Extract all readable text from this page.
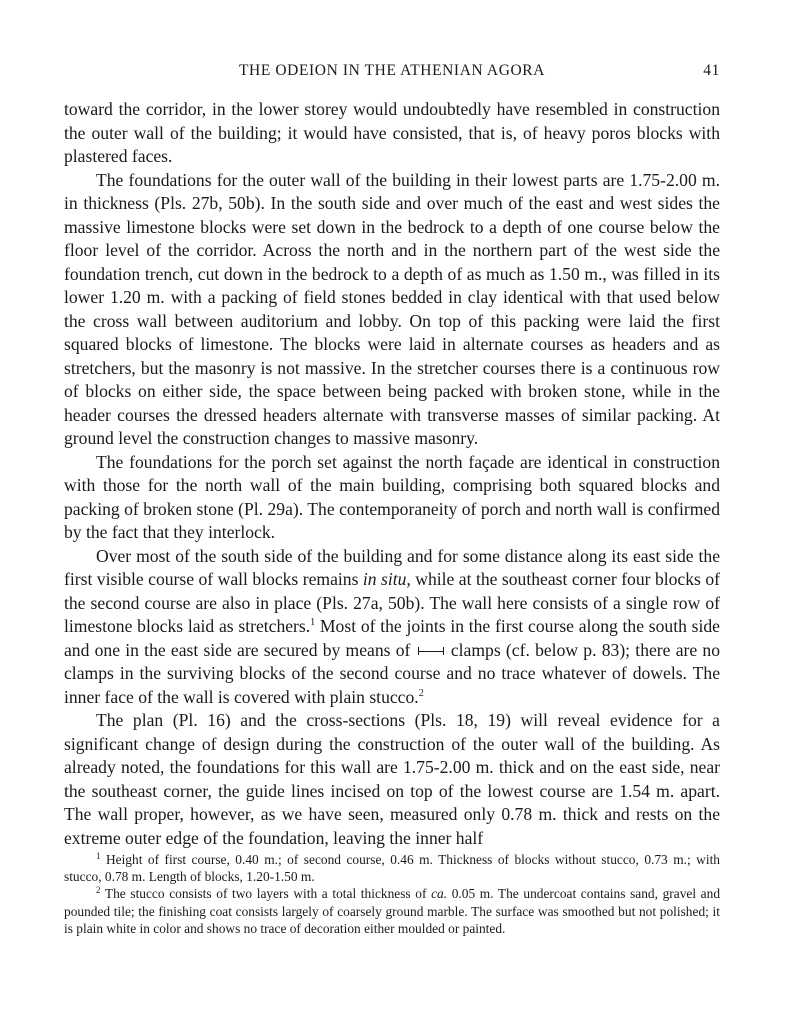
THE ODEION IN THE ATHENIAN AGORA	41

toward the corridor, in the lower storey would undoubtedly have resembled in construction the outer wall of the building; it would have consisted, that is, of heavy poros blocks with plastered faces.

The foundations for the outer wall of the building in their lowest parts are 1.75-2.00 m. in thickness (Pls. 27b, 50b). In the south side and over much of the east and west sides the massive limestone blocks were set down in the bedrock to a depth of one course below the floor level of the corridor. Across the north and in the northern part of the west side the foundation trench, cut down in the bedrock to a depth of as much as 1.50 m., was filled in its lower 1.20 m. with a packing of field stones bedded in clay identical with that used below the cross wall between auditorium and lobby. On top of this packing were laid the first squared blocks of limestone. The blocks were laid in alternate courses as headers and as stretchers, but the masonry is not massive. In the stretcher courses there is a continuous row of blocks on either side, the space between being packed with broken stone, while in the header courses the dressed headers alternate with transverse masses of similar packing. At ground level the construction changes to massive masonry.

The foundations for the porch set against the north façade are identical in construction with those for the north wall of the main building, comprising both squared blocks and packing of broken stone (Pl. 29a). The contemporaneity of porch and north wall is confirmed by the fact that they interlock.

Over most of the south side of the building and for some distance along its east side the first visible course of wall blocks remains in situ, while at the southeast corner four blocks of the second course are also in place (Pls. 27a, 50b). The wall here consists of a single row of limestone blocks laid as stretchers.$^1$ Most of the joints in the first course along the south side and one in the east side are secured by means of  clamps (cf. below p. 83); there are no clamps in the surviving blocks of the second course and no trace whatever of dowels. The inner face of the wall is covered with plain stucco.$^2$

The plan (Pl. 16) and the cross-sections (Pls. 18, 19) will reveal evidence for a significant change of design during the construction of the outer wall of the building. As already noted, the foundations for this wall are 1.75-2.00 m. thick and on the east side, near the southeast corner, the guide lines incised on top of the lowest course are 1.54 m. apart. The wall proper, however, as we have seen, measured only 0.78 m. thick and rests on the extreme outer edge of the foundation, leaving the inner half

$^1$ Height of first course, 0.40 m.; of second course, 0.46 m. Thickness of blocks without stucco, 0.73 m.; with stucco, 0.78 m. Length of blocks, 1.20-1.50 m.

$^2$ The stucco consists of two layers with a total thickness of ca. 0.05 m. The undercoat contains sand, gravel and pounded tile; the finishing coat consists largely of coarsely ground marble. The surface was smoothed but not polished; it is plain white in color and shows no trace of decoration either moulded or painted.
